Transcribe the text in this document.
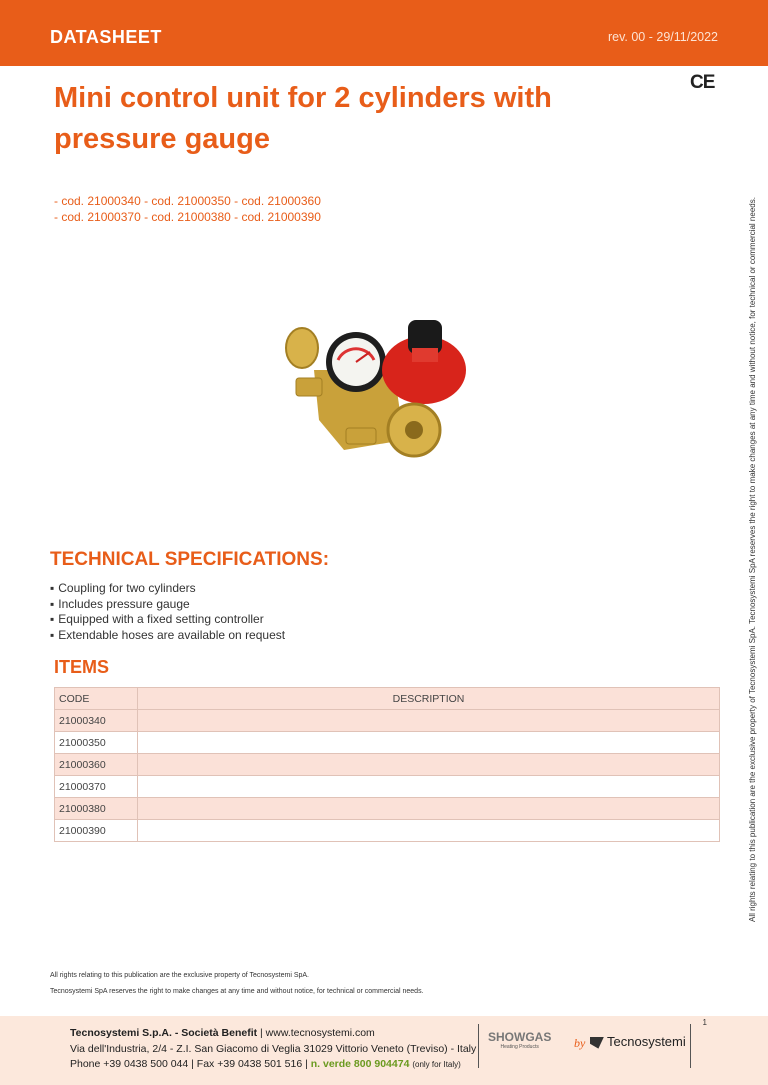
DATASHEET	rev. 00 - 29/11/2022
CE
Mini control unit for 2 cylinders with
pressure gauge
- cod. 21000340 - cod. 21000350 - cod. 21000360
- cod. 21000370 - cod. 21000380 - cod. 21000390	All rights relating to this publication are the exclusive property of Tecnosystemi SpA. Tecnosystemi SpA reserves the right to make changes at any time and without notice, for technical or commercial needs.
TECHNICAL SPECIFICATIONS:
▪ Coupling for two cylinders
▪ Includes pressure gauge
▪ Equipped with a fixed setting controller
▪ Extendable hoses are available on request
ITEMS
CODE	DESCRIPTION
21000340	
21000350	
21000360	
21000370	
21000380	
21000390	
All rights relating to this publication are the exclusive property of Tecnosystemi SpA.
Tecnosystemi SpA reserves the right to make changes at any time and without notice, for technical or commercial needs.
1
Tecnosystemi S.p.A. - Società Benefit | www.tecnosystemi.com
Via dell'Industria, 2/4 - Z.I. San Giacomo di Veglia 31029 Vittorio Veneto (Treviso) - Italy
Phone +39 0438 500 044 | Fax +39 0438 501 516 | n. verde 800 904474 (only for Italy)
SHOWGAS
Heating Products	by	Tecnosystemi
